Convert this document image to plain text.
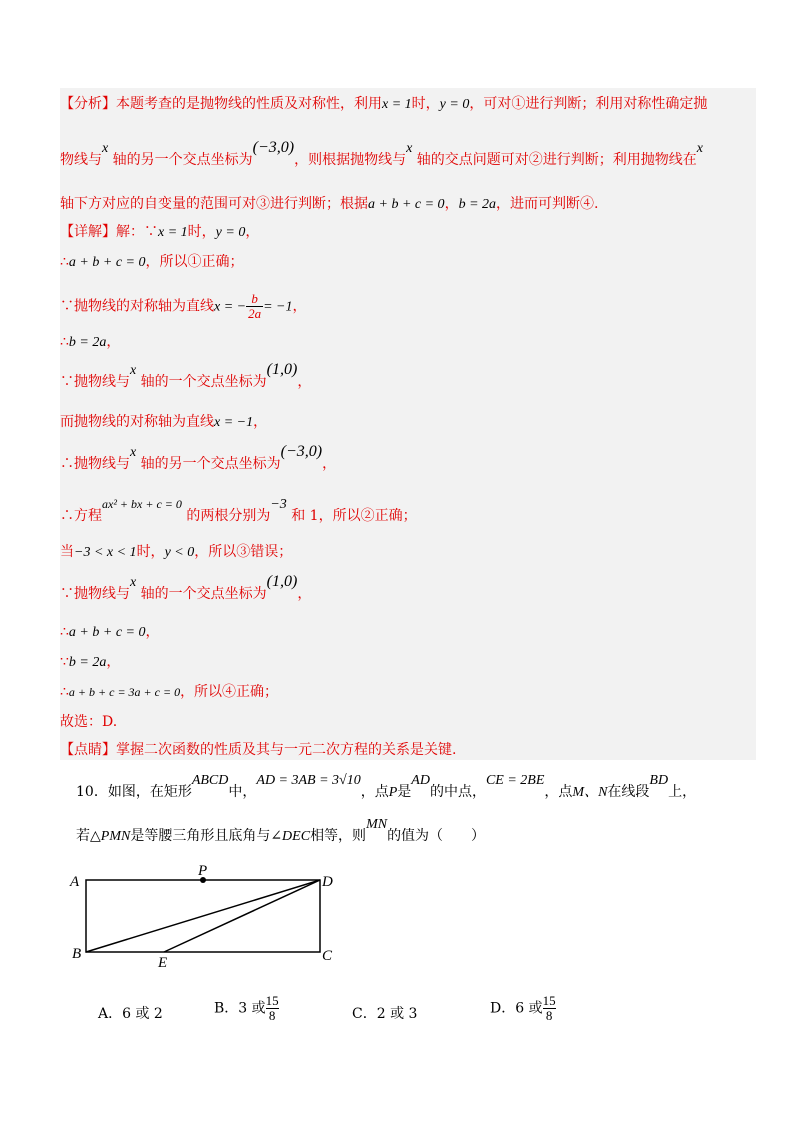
【分析】本题考查的是抛物线的性质及对称性，利用x = 1时，y = 0，可对①进行判断；利用对称性确定抛
物线与x 轴的另一个交点坐标为(−3,0)，则根据抛物线与x 轴的交点问题可对②进行判断；利用抛物线在x
轴下方对应的自变量的范围可对③进行判断；根据a + b + c = 0，b = 2a，进而可判断④.
【详解】解：∵x = 1时，y = 0，
∴a + b + c = 0，所以①正确；
∵抛物线的对称轴为直线x = − $\frac{b}{2a} = -1$，
∴b = 2a，
∵抛物线与x 轴的一个交点坐标为(1,0)，
而抛物线的对称轴为直线x = −1，
∴抛物线与x 轴的另一个交点坐标为(−3,0)，
∴方程ax² + bx + c = 0 的两根分别为−3 和 1，所以②正确；
当−3 < x < 1时，y < 0，所以③错误；
∵抛物线与x 轴的一个交点坐标为(1,0)，
∴a + b + c = 0，
∵b = 2a，
∴a + b + c = 3a + c = 0，所以④正确；
故选：D.
【点睛】掌握二次函数的性质及其与一元二次方程的关系是关键.
10．如图，在矩形ABCD中，AD = 3AB = 3√10，点P是AD的中点，CE = 2BE，点M、N在线段BD上，
若△PMN是等腰三角形且底角与∠DEC相等，则MN的值为（　　）
A
P
D
B
E	C
A．6 或 2	B．3 或 $\frac{15}{8}$	C．2 或 3	D．6 或 $\frac{15}{8}$
